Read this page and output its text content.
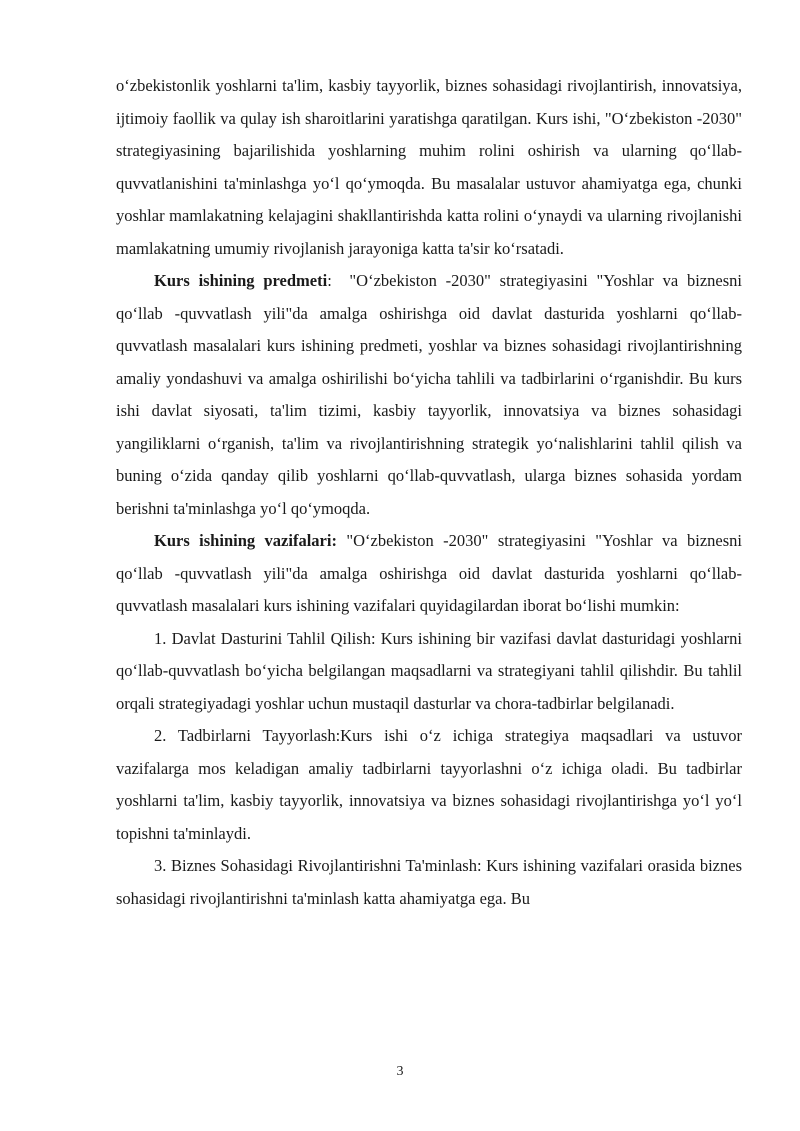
o‘zbekistonlik yoshlarni ta'lim, kasbiy tayyorlik, biznes sohasidagi rivojlantirish, innovatsiya, ijtimoiy faollik va qulay ish sharoitlarini yaratishga qaratilgan. Kurs ishi, "O‘zbekiston -2030" strategiyasining bajarilishida yoshlarning muhim rolini oshirish va ularning qo‘llab-quvvatlanishini ta'minlashga yo‘l qo‘ymoqda. Bu masalalar ustuvor ahamiyatga ega, chunki yoshlar mamlakatning kelajagini shakllantirishda katta rolini o‘ynaydi va ularning rivojlanishi mamlakatning umumiy rivojlanish jarayoniga katta ta'sir ko‘rsatadi.

Kurs ishining predmeti:  "O‘zbekiston -2030" strategiyasini "Yoshlar va biznesni qo‘llab -quvvatlash yili"da amalga oshirishga oid davlat dasturida yoshlarni qo‘llab-quvvatlash masalalari kurs ishining predmeti, yoshlar va biznes sohasidagi rivojlantirishning amaliy yondashuvi va amalga oshirilishi bo‘yicha tahlili va tadbirlarini o‘rganishdir. Bu kurs ishi davlat siyosati, ta'lim tizimi, kasbiy tayyorlik, innovatsiya va biznes sohasidagi yangiliklarni o‘rganish, ta'lim va rivojlantirishning strategik yo‘nalishlarini tahlil qilish va buning o‘zida qanday qilib yoshlarni qo‘llab-quvvatlash, ularga biznes sohasida yordam berishni ta'minlashga yo‘l qo‘ymoqda.

Kurs ishining vazifalari: "O‘zbekiston -2030" strategiyasini "Yoshlar va biznesni qo‘llab -quvvatlash yili"da amalga oshirishga oid davlat dasturida yoshlarni qo‘llab-quvvatlash masalalari kurs ishining vazifalari quyidagilardan iborat bo‘lishi mumkin:

1. Davlat Dasturini Tahlil Qilish: Kurs ishining bir vazifasi davlat dasturidagi yoshlarni qo‘llab-quvvatlash bo‘yicha belgilangan maqsadlarni va strategiyani tahlil qilishdir. Bu tahlil orqali strategiyadagi yoshlar uchun mustaqil dasturlar va chora-tadbirlar belgilanadi.

2. Tadbirlarni Tayyorlash:Kurs ishi o‘z ichiga strategiya maqsadlari va ustuvor vazifalarga mos keladigan amaliy tadbirlarni tayyorlashni o‘z ichiga oladi. Bu tadbirlar yoshlarni ta'lim, kasbiy tayyorlik, innovatsiya va biznes sohasidagi rivojlantirishga yo‘l yo‘l topishni ta'minlaydi.

3. Biznes Sohasidagi Rivojlantirishni Ta'minlash: Kurs ishining vazifalari orasida biznes sohasidagi rivojlantirishni ta'minlash katta ahamiyatga ega. Bu

3
